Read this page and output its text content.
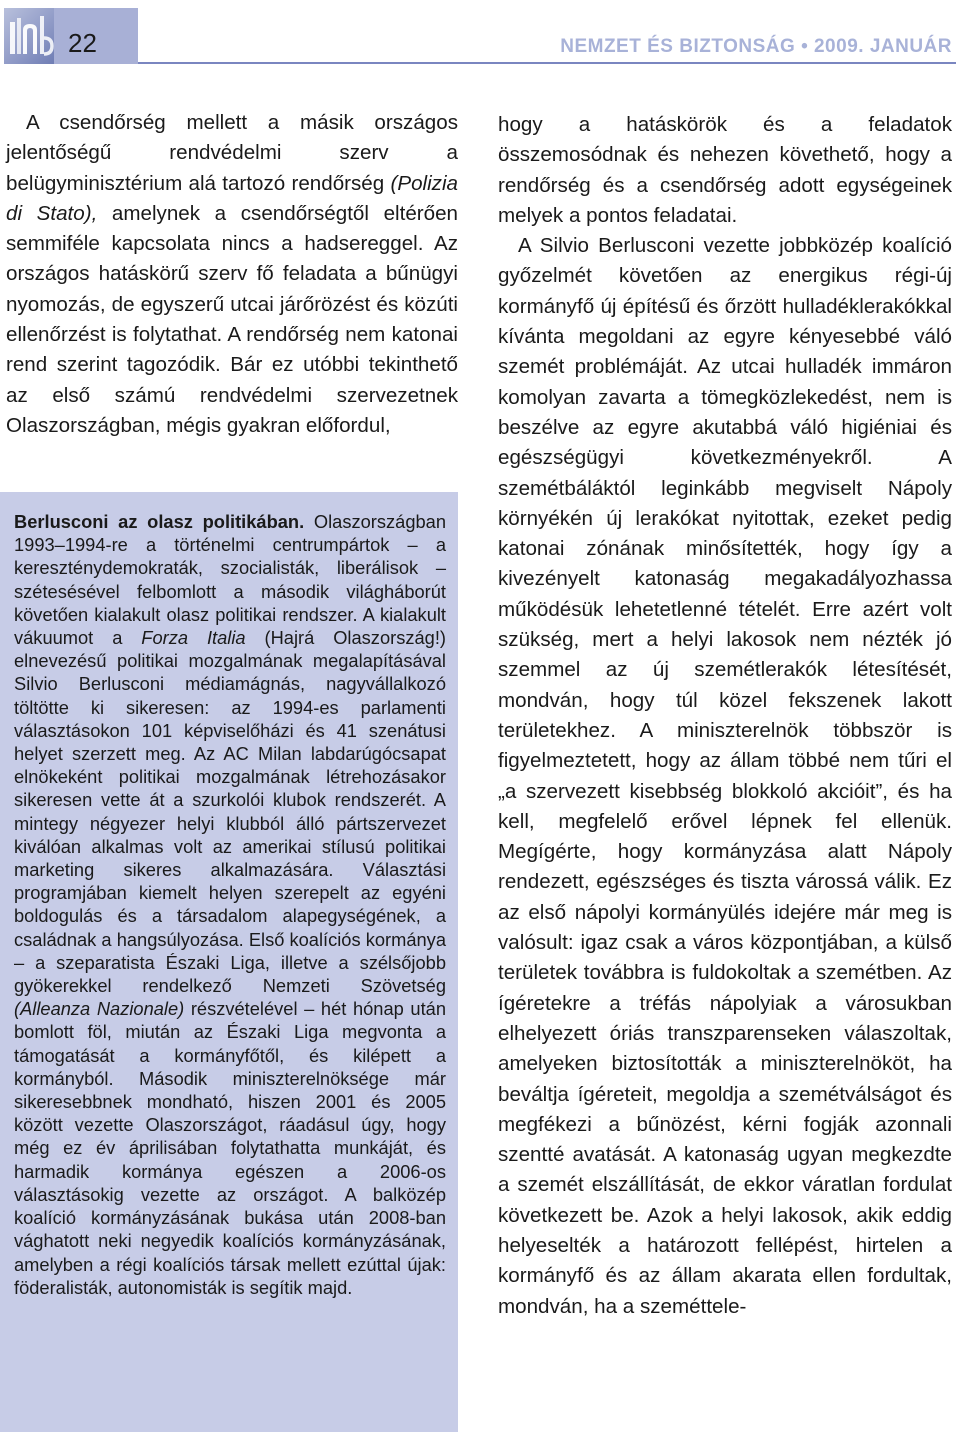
22	NEMZET ÉS BIZTONSÁG • 2009. JANUÁR

A csendőrség mellett a másik országos jelentőségű rendvédelmi szerv a belügyminisztérium alá tartozó rendőrség (Polizia di Stato), amelynek a csendőrségtől eltérően semmiféle kapcsolata nincs a hadsereggel. Az országos hatáskörű szerv fő feladata a bűnügyi nyomozás, de egyszerű utcai járőrözést és közúti ellenőrzést is folytathat. A rendőrség nem katonai rend szerint tagozódik. Bár ez utóbbi tekinthető az első számú rendvédelmi szervezetnek Olaszországban, mégis gyakran előfordul,

Berlusconi az olasz politikában. Olaszországban 1993–1994-re a történelmi centrumpártok – a kereszténydemokraták, szocialisták, liberálisok – szétesésével felbomlott a második világháborút követően kialakult olasz politikai rendszer. A kialakult vákuumot a Forza Italia (Hajrá Olaszország!) elnevezésű politikai mozgalmának megalapításával Silvio Berlusconi médiamágnás, nagyvállalkozó töltötte ki sikeresen: az 1994-es parlamenti választásokon 101 képviselőházi és 41 szenátusi helyet szerzett meg. Az AC Milan labdarúgócsapat elnökeként politikai mozgalmának létrehozásakor sikeresen vette át a szurkolói klubok rendszerét. A mintegy négyezer helyi klubból álló pártszervezet kiválóan alkalmas volt az amerikai stílusú politikai marketing sikeres alkalmazására. Választási programjában kiemelt helyen szerepelt az egyéni boldogulás és a társadalom alapegységének, a családnak a hangsúlyozása. Első koalíciós kormánya – a szeparatista Északi Liga, illetve a szélsőjobb gyökerekkel rendelkező Nemzeti Szövetség (Alleanza Nazionale) részvételével – hét hónap után bomlott föl, miután az Északi Liga megvonta a támogatását a kormányfőtől, és kilépett a kormányból. Második miniszterelnöksége már sikeresebbnek mondható, hiszen 2001 és 2005 között vezette Olaszországot, ráadásul úgy, hogy még ez év áprilisában folytathatta munkáját, és harmadik kormánya egészen a 2006-os választásokig vezette az országot. A balközép koalíció kormányzásának bukása után 2008-ban vághatott neki negyedik koalíciós kormányzásának, amelyben a régi koalíciós társak mellett ezúttal újak: föderalisták, autonomisták is segítik majd.

hogy a hatáskörök és a feladatok összemosódnak és nehezen követhető, hogy a rendőrség és a csendőrség adott egységeinek melyek a pontos feladatai.

A Silvio Berlusconi vezette jobbközép koalíció győzelmét követően az energikus régi-új kormányfő új építésű és őrzött hulladéklerakókkal kívánta megoldani az egyre kényesebbé váló szemét problémáját. Az utcai hulladék immáron komolyan zavarta a tömegközlekedést, nem is beszélve az egyre akutabbá váló higiéniai és egészségügyi következményekről. A szemétbáláktól leginkább megviselt Nápoly környékén új lerakókat nyitottak, ezeket pedig katonai zónának minősítették, hogy így a kivezényelt katonaság megakadályozhassa működésük lehetetlenné tételét. Erre azért volt szükség, mert a helyi lakosok nem nézték jó szemmel az új szemétlerakók létesítését, mondván, hogy túl közel fekszenek lakott területekhez. A miniszterelnök többször is figyelmeztetett, hogy az állam többé nem tűri el „a szervezett kisebbség blokkoló akcióit”, és ha kell, megfelelő erővel lépnek fel ellenük. Megígérte, hogy kormányzása alatt Nápoly rendezett, egészséges és tiszta várossá válik. Ez az első nápolyi kormányülés idejére már meg is valósult: igaz csak a város központjában, a külső területek továbbra is fuldokoltak a szemétben. Az ígéretekre a tréfás nápolyiak a városukban elhelyezett óriás transzparenseken válaszoltak, amelyeken biztosították a miniszterelnököt, ha beváltja ígéreteit, megoldja a szemétválságot és megfékezi a bűnözést, kérni fogják azonnali szentté avatását. A katonaság ugyan megkezdte a szemét elszállítását, de ekkor váratlan fordulat következett be. Azok a helyi lakosok, akik eddig helyeselték a határozott fellépést, hirtelen a kormányfő és az állam akarata ellen fordultak, mondván, ha a szeméttele-
